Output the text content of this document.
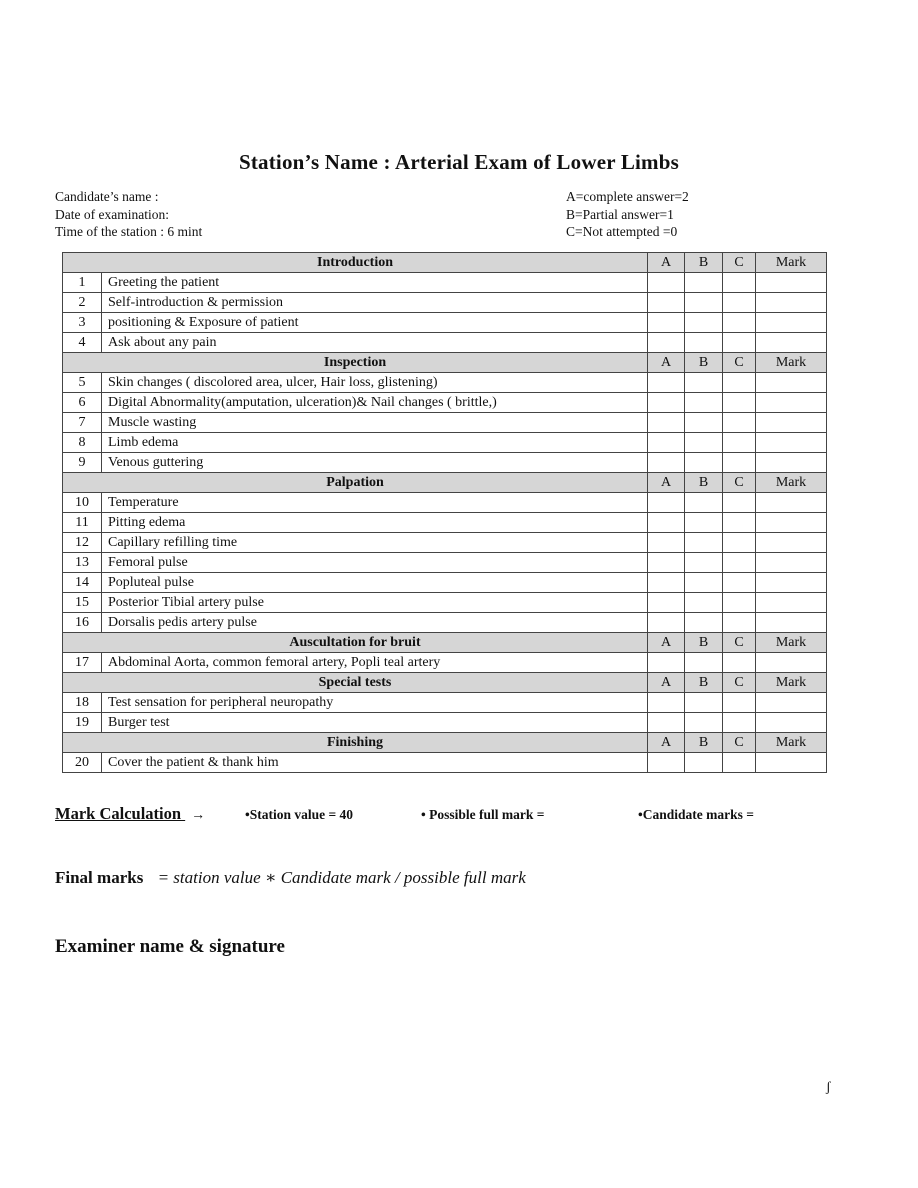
Station’s Name : Arterial Exam of Lower Limbs
Candidate’s name :
Date of examination:
Time of the station : 6 mint
A=complete answer=2
B=Partial answer=1
C=Not attempted =0
Introduction		A	B	C	Mark
1	Greeting the patient				
2	Self-introduction & permission				
3	positioning & Exposure of patient				
4	Ask about any pain				
Inspection		A	B	C	Mark
5	Skin changes ( discolored area, ulcer, Hair loss, glistening)				
6	Digital Abnormality(amputation, ulceration)& Nail changes ( brittle,)				
7	Muscle wasting				
8	Limb edema				
9	Venous guttering				
Palpation		A	B	C	Mark
10	Temperature				
11	Pitting edema				
12	Capillary refilling time				
13	Femoral pulse				
14	Popluteal pulse				
15	Posterior Tibial artery pulse				
16	Dorsalis pedis artery pulse				
Auscultation for bruit		A	B	C	Mark
17	Abdominal Aorta, common femoral artery, Popli teal artery				
Special tests		A	B	C	Mark
18	Test sensation for peripheral neuropathy				
19	Burger test				
Finishing		A	B	C	Mark
20	Cover the patient & thank him				
Mark Calculation →	•Station value = 40	• Possible full mark =	•Candidate marks =
Final marks = station value ∗ Candidate mark / possible full mark
Examiner name & signature
ʃ
